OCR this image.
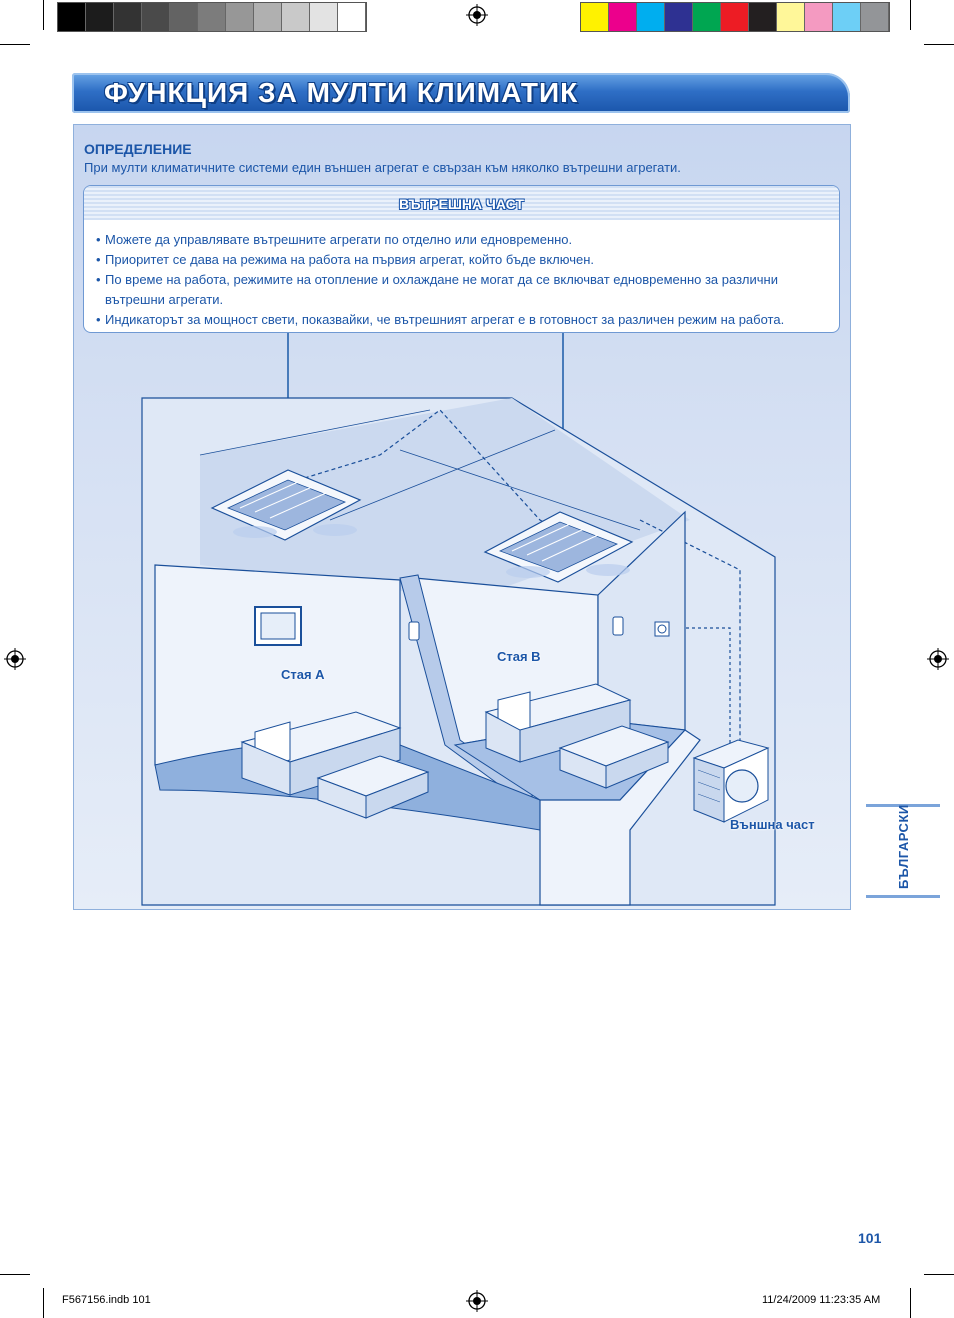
ФУНКЦИЯ ЗА МУЛТИ КЛИМАТИК
ОПРЕДЕЛЕНИЕ
При мулти климатичните системи един външен агрегат е свързан към няколко вътрешни агрегати.
Стая А
Стая В
Външна част
ВЪТРЕШНА ЧАСТ
• Можете да управлявате вътрешните агрегати по отделно или едновременно.
• Приоритет се дава на режима на работа на първия агрегат, който бъде включен.
• По време на работа, режимите на отопление и охлаждане не могат да се включват едновременно за различни вътрешни агрегати.
• Индикаторът за мощност свети, показвайки, че вътрешният агрегат е в готовност за различен режим на работа.
БЪЛГАРСКИ
101
F567156.indb 101	11/24/2009 11:23:35 AM
